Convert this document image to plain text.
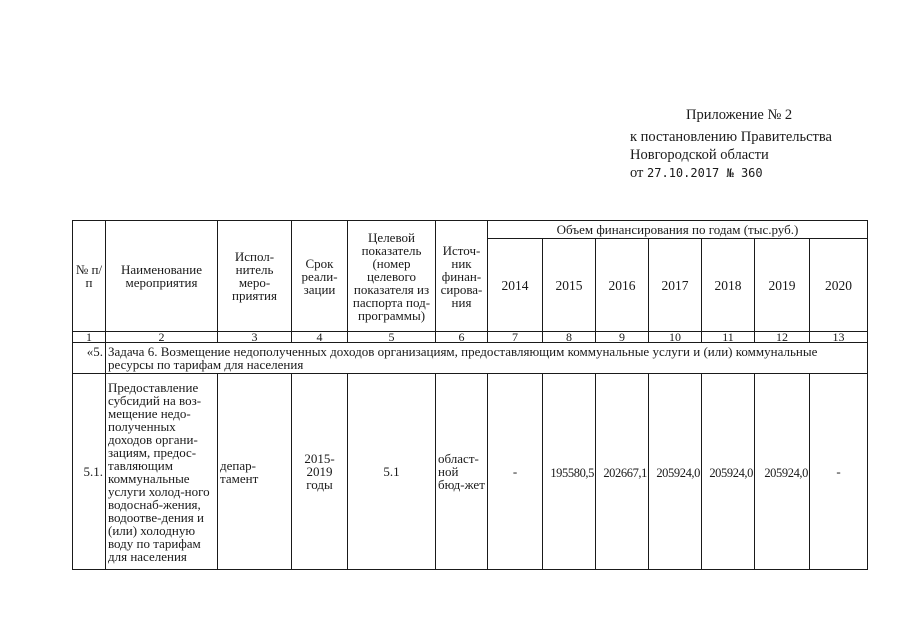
Приложение № 2
к постановлению Правительства
Новгородской области
от 27.10.2017 № 360
№ п/п	Наименование мероприятия	Испол-нитель меро-приятия	Срок реали-зации	Целевой показатель (номер целевого показателя из паспорта под-программы)	Источ-ник финан-сирова-ния	Объем финансирования по годам (тыс.руб.)						
						2014	2015	2016	2017	2018	2019	2020
1	2	3	4	5	6	7	8	9	10	11	12	13
«5.	Задача 6. Возмещение недополученных доходов организациям, предоставляющим коммунальные услуги и (или) коммунальные ресурсы по тарифам для населения											
5.1.	Предоставление субсидий на воз-мещение недо-полученных доходов органи-зациям, предос-тавляющим коммунальные услуги холод-ного водоснаб-жения, водоотве-дения и (или) холодную воду по тарифам для населения	депар-тамент	2015-2019 годы	5.1	област-ной бюд-жет	-	195580,5	202667,1	205924,0	205924,0	205924,0	-
